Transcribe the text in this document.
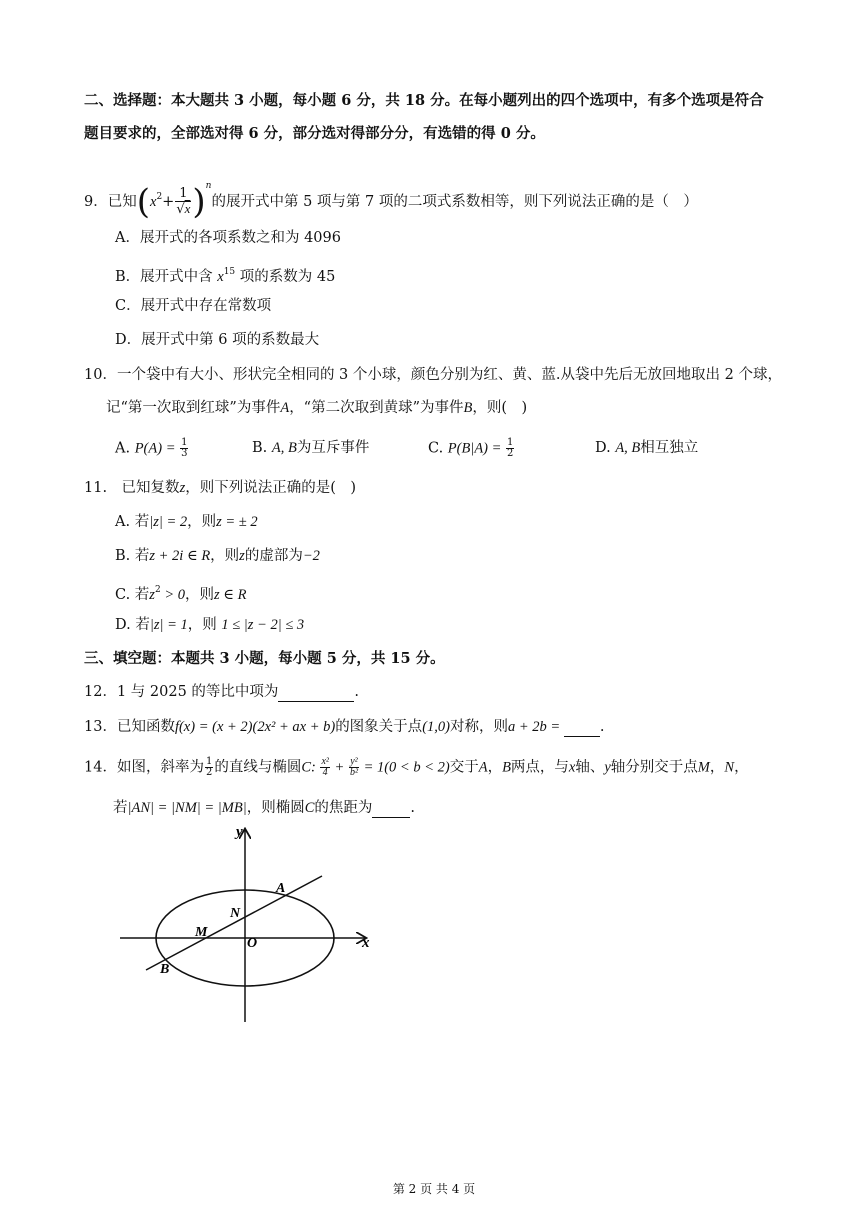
二、选择题：本大题共 3 小题，每小题 6 分，共 18 分。在每小题列出的四个选项中，有多个选项是符合
题目要求的，全部选对得 6 分，部分选对得部分分，有选错的得 0 分。
9．已知$(x^2+ \frac{1}{√x} )^n$的展开式中第 5 项与第 7 项的二项式系数相等，则下列说法正确的是（　）
A．展开式的各项系数之和为 4096
B．展开式中含 $x^{15}$ 项的系数为 45
C．展开式中存在常数项
D．展开式中第 6 项的系数最大
10．一个袋中有大小、形状完全相同的 3 个小球，颜色分别为红、黄、蓝.从袋中先后无放回地取出 2 个球，
记“第一次取到红球”为事件A，“第二次取到黄球”为事件B，则(　)
A. $P(A) = \frac{1}{3}$	B. A, B为互斥事件	C. $P(B|A) = \frac{1}{2}$	D. A, B相互独立
11.　已知复数z，则下列说法正确的是(　)
A. 若|z| = 2，则z = ± 2
B. 若z + 2i ∈ R，则z的虚部为−2
C. 若$z^2 > 0$，则z ∈ R
D. 若|z| = 1，则 1 ≤ |z − 2| ≤ 3
三、填空题：本题共 3 小题，每小题 5 分，共 15 分。
12．1 与 2025 的等比中项为	.
13．已知函数f(x) = (x + 2)(2x² + ax + b)的图象关于点(1,0)对称，则a + 2b = .
14．如图，斜率为 $\frac{1}{2}$ 的直线与椭圆C: $\frac{\text{x²}}{4} + \frac{\text{y²}}{\text{b²}} = 1(0 < b < 2)$交于A，B两点，与x轴、y轴分别交于点M，N，
若|AN| = |NM| = |MB|，则椭圆C的焦距为	.
y
x
A
N
M
O
B
第 2 页 共 4 页
